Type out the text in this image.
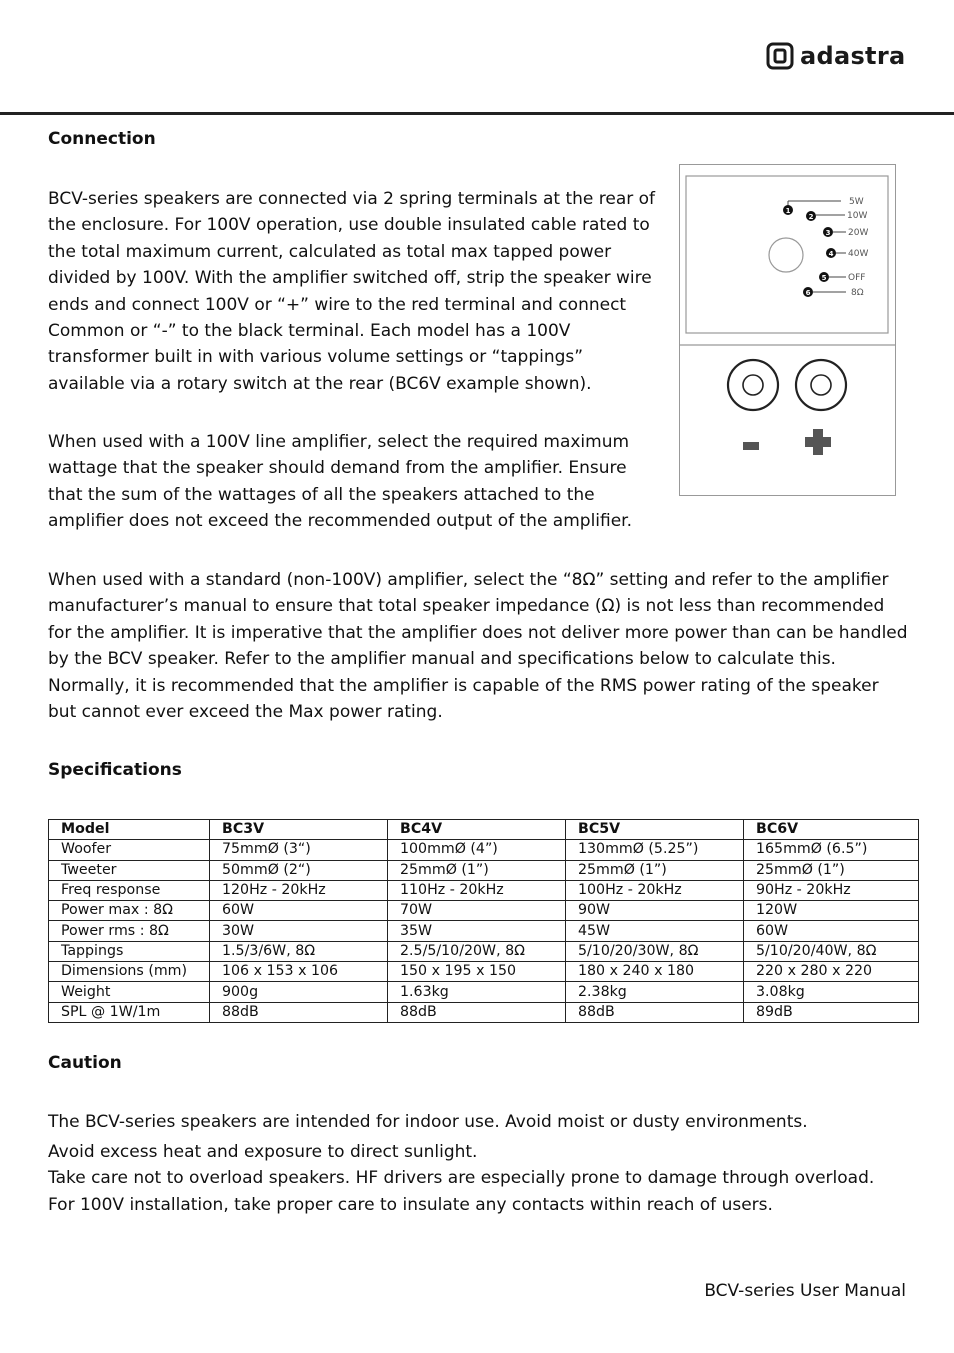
adastra
Connection

BCV-series speakers are connected via 2 spring terminals at the rear of the enclosure. For 100V operation, use double insulated cable rated to the total maximum current, calculated as total max tapped power divided by 100V. With the amplifier switched off, strip the speaker wire ends and connect 100V or “+” wire to the red terminal and connect Common or “-” to the black terminal. Each model has a 100V transformer built in with various volume settings or “tappings” available via a rotary switch at the rear (BC6V example shown).

When used with a 100V line amplifier, select the required maximum wattage that the speaker should demand from the amplifier. Ensure that the sum of the wattages of all the speakers attached to the amplifier does not exceed the recommended output of the amplifier.

1
5W
2	10W
3 20W
4 40W
5 OFF
6	8Ω

When used with a standard (non-100V) amplifier, select the “8Ω” setting and refer to the amplifier manufacturer’s manual to ensure that total speaker impedance (Ω) is not less than recommended for the amplifier. It is imperative that the amplifier does not deliver more power than can be handled by the BCV speaker. Refer to the amplifier manual and specifications below to calculate this. Normally, it is recommended that the amplifier is capable of the RMS power rating of the speaker but cannot ever exceed the Max power rating.

Specifications
Model	BC3V	BC4V	BC5V	BC6V
Woofer	75mmØ (3“)	100mmØ (4”)	130mmØ (5.25”)	165mmØ (6.5”)
Tweeter	50mmØ (2“)	25mmØ (1”)	25mmØ (1”)	25mmØ (1”)
Freq response	120Hz - 20kHz	110Hz - 20kHz	100Hz - 20kHz	90Hz - 20kHz
Power max : 8Ω	60W	70W	90W	120W
Power rms : 8Ω	30W	35W	45W	60W
Tappings	1.5/3/6W, 8Ω	2.5/5/10/20W, 8Ω	5/10/20/30W, 8Ω	5/10/20/40W, 8Ω
Dimensions (mm)	106 x 153 x 106	150 x 195 x 150	180 x 240 x 180	220 x 280 x 220
Weight	900g	1.63kg	2.38kg	3.08kg
SPL @ 1W/1m	88dB	88dB	88dB	89dB
Caution

The BCV-series speakers are intended for indoor use. Avoid moist or dusty environments.

Avoid excess heat and exposure to direct sunlight.

Take care not to overload speakers. HF drivers are especially prone to damage through overload.

For 100V installation, take proper care to insulate any contacts within reach of users.

BCV-series User Manual
